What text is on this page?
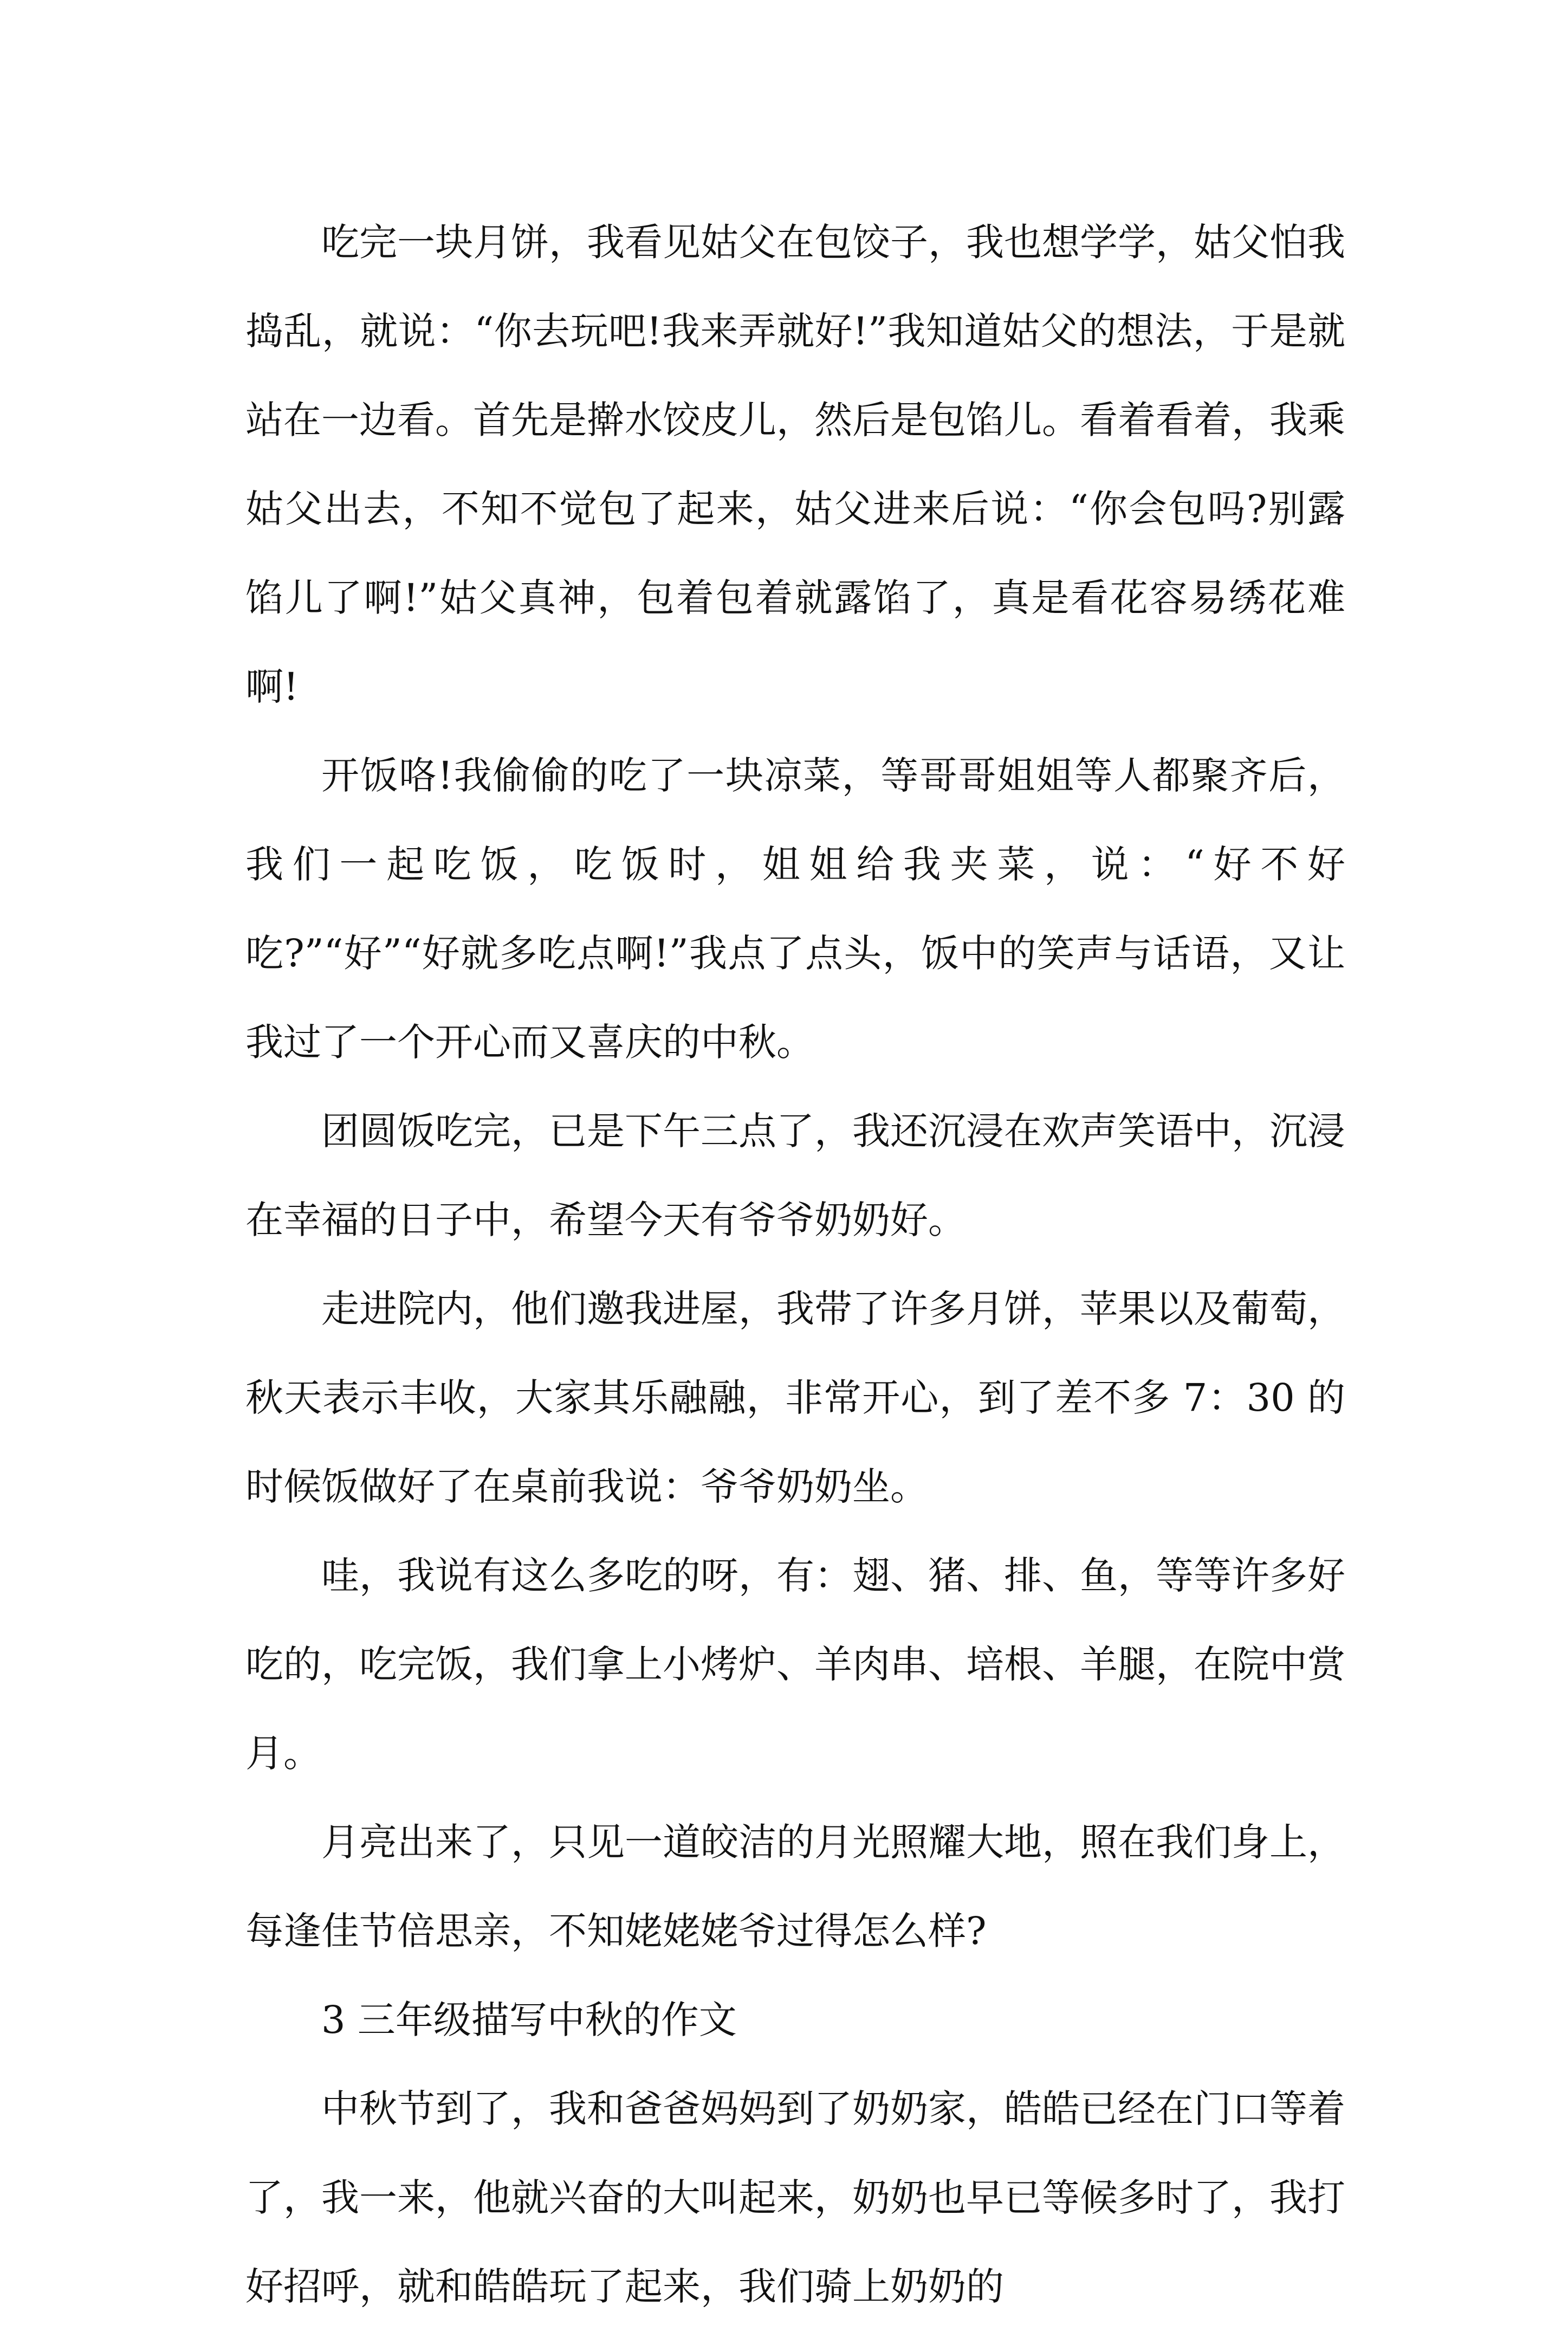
吃完一块月饼，我看见姑父在包饺子，我也想学学，姑父怕我捣乱，就说：“你去玩吧!我来弄就好!”我知道姑父的想法，于是就站在一边看。首先是擀水饺皮儿，然后是包馅儿。看着看着，我乘姑父出去，不知不觉包了起来，姑父进来后说：“你会包吗?别露馅儿了啊!”姑父真神，包着包着就露馅了，真是看花容易绣花难啊!

开饭咯!我偷偷的吃了一块凉菜，等哥哥姐姐等人都聚齐后，我们一起吃饭，吃饭时，姐姐给我夹菜，说：“好不好吃?”“好”“好就多吃点啊!”我点了点头，饭中的笑声与话语，又让我过了一个开心而又喜庆的中秋。

团圆饭吃完，已是下午三点了，我还沉浸在欢声笑语中，沉浸在幸福的日子中，希望今天有爷爷奶奶好。

走进院内，他们邀我进屋，我带了许多月饼，苹果以及葡萄，秋天表示丰收，大家其乐融融，非常开心，到了差不多 7：30 的时候饭做好了在桌前我说：爷爷奶奶坐。

哇，我说有这么多吃的呀，有：翅、猪、排、鱼，等等许多好吃的，吃完饭，我们拿上小烤炉、羊肉串、培根、羊腿，在院中赏月。

月亮出来了，只见一道皎洁的月光照耀大地，照在我们身上，每逢佳节倍思亲，不知姥姥姥爷过得怎么样?

3 三年级描写中秋的作文

中秋节到了，我和爸爸妈妈到了奶奶家，皓皓已经在门口等着了，我一来，他就兴奋的大叫起来，奶奶也早已等候多时了，我打好招呼，就和皓皓玩了起来，我们骑上奶奶的
